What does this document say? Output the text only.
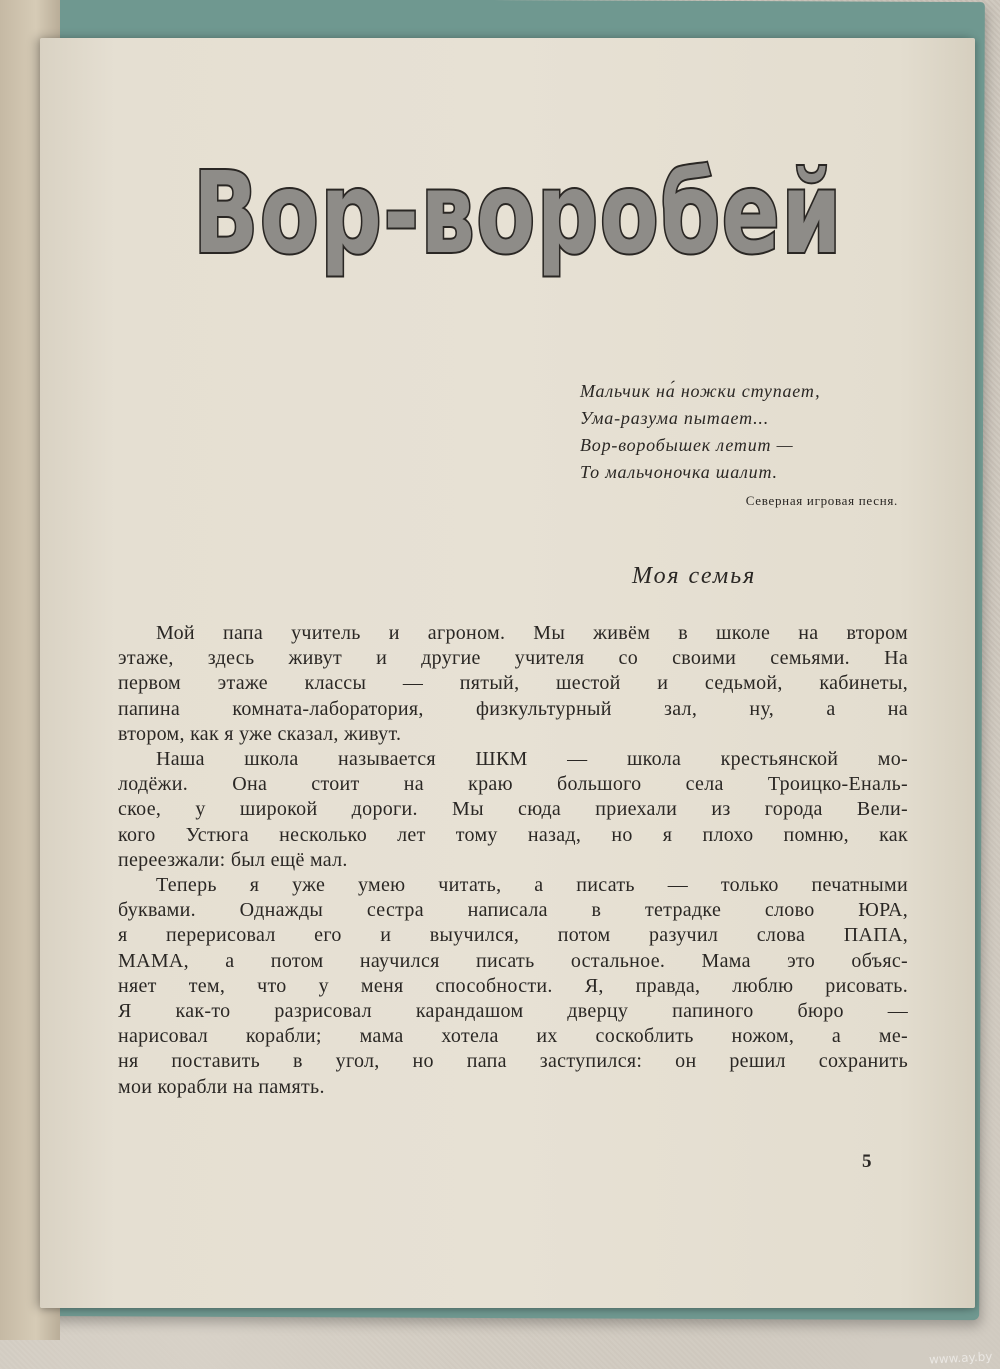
Вор-воробей
Мальчик на́ ножки ступает,
Ума-разума пытает...
Вор-воробышек летит —
То мальчоночка шалит.
Северная игровая песня.
Моя семья
Мой папа учитель и агроном. Мы живём в школе на втором
этаже, здесь живут и другие учителя со своими семьями. На
первом этаже классы — пятый, шестой и седьмой, кабинеты,
папина комната-лаборатория, физкультурный зал, ну, а на
втором, как я уже сказал, живут.
Наша школа называется ШКМ — школа крестьянской мо-
лодёжи. Она стоит на краю большого села Троицко-Еналь-
ское, у широкой дороги. Мы сюда приехали из города Вели-
кого Устюга несколько лет тому назад, но я плохо помню, как
переезжали: был ещё мал.
Теперь я уже умею читать, а писать — только печатными
буквами. Однажды сестра написала в тетрадке слово ЮРА,
я перерисовал его и выучился, потом разучил слова ПАПА,
МАМА, а потом научился писать остальное. Мама это объяс-
няет тем, что у меня способности. Я, правда, люблю рисовать.
Я как-то разрисовал карандашом дверцу папиного бюро —
нарисовал корабли; мама хотела их соскоблить ножом, а ме-
ня поставить в угол, но папа заступился: он решил сохранить
мои корабли на память.
5
www.ay.by
